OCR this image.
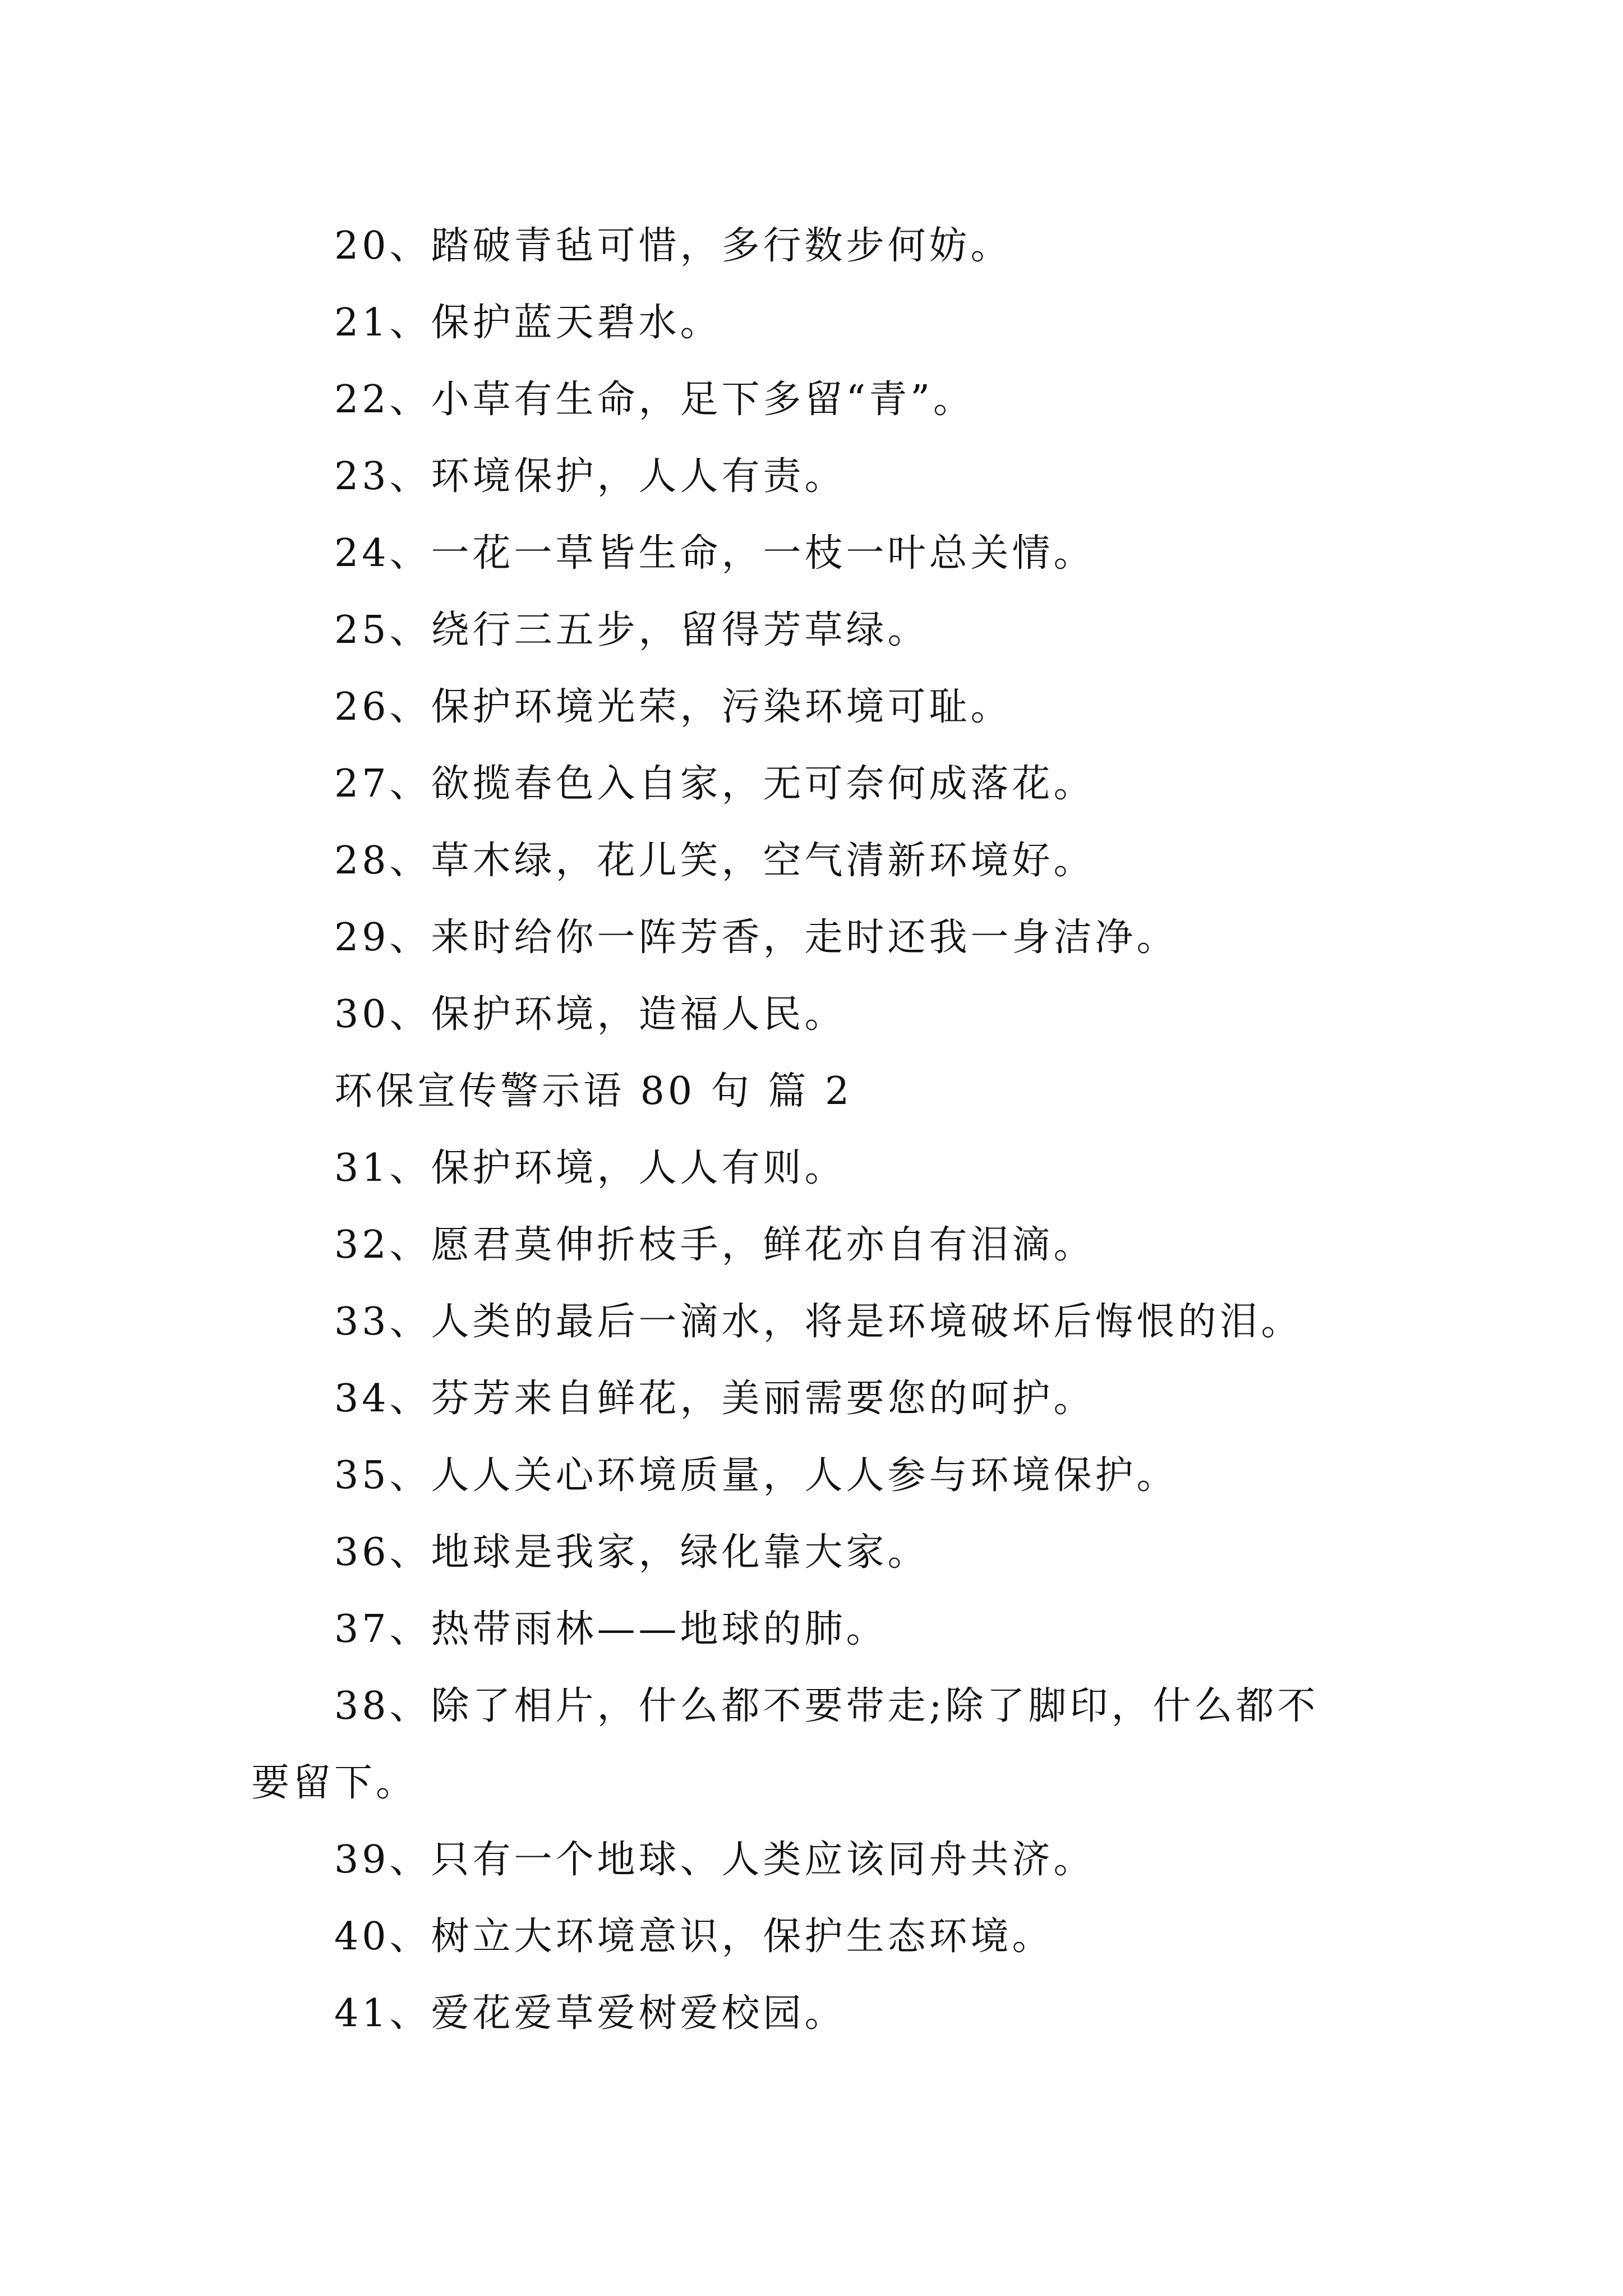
20、踏破青毡可惜，多行数步何妨。

21、保护蓝天碧水。

22、小草有生命，足下多留“青”。

23、环境保护，人人有责。

24、一花一草皆生命，一枝一叶总关情。

25、绕行三五步，留得芳草绿。

26、保护环境光荣，污染环境可耻。

27、欲揽春色入自家，无可奈何成落花。

28、草木绿，花儿笑，空气清新环境好。

29、来时给你一阵芳香，走时还我一身洁净。

30、保护环境，造福人民。

环保宣传警示语 80 句 篇 2

31、保护环境，人人有则。

32、愿君莫伸折枝手，鲜花亦自有泪滴。

33、人类的最后一滴水，将是环境破坏后悔恨的泪。

34、芬芳来自鲜花，美丽需要您的呵护。

35、人人关心环境质量，人人参与环境保护。

36、地球是我家，绿化靠大家。

37、热带雨林——地球的肺。

38、除了相片，什么都不要带走;除了脚印，什么都不

要留下。

39、只有一个地球、人类应该同舟共济。

40、树立大环境意识，保护生态环境。

41、爱花爱草爱树爱校园。
